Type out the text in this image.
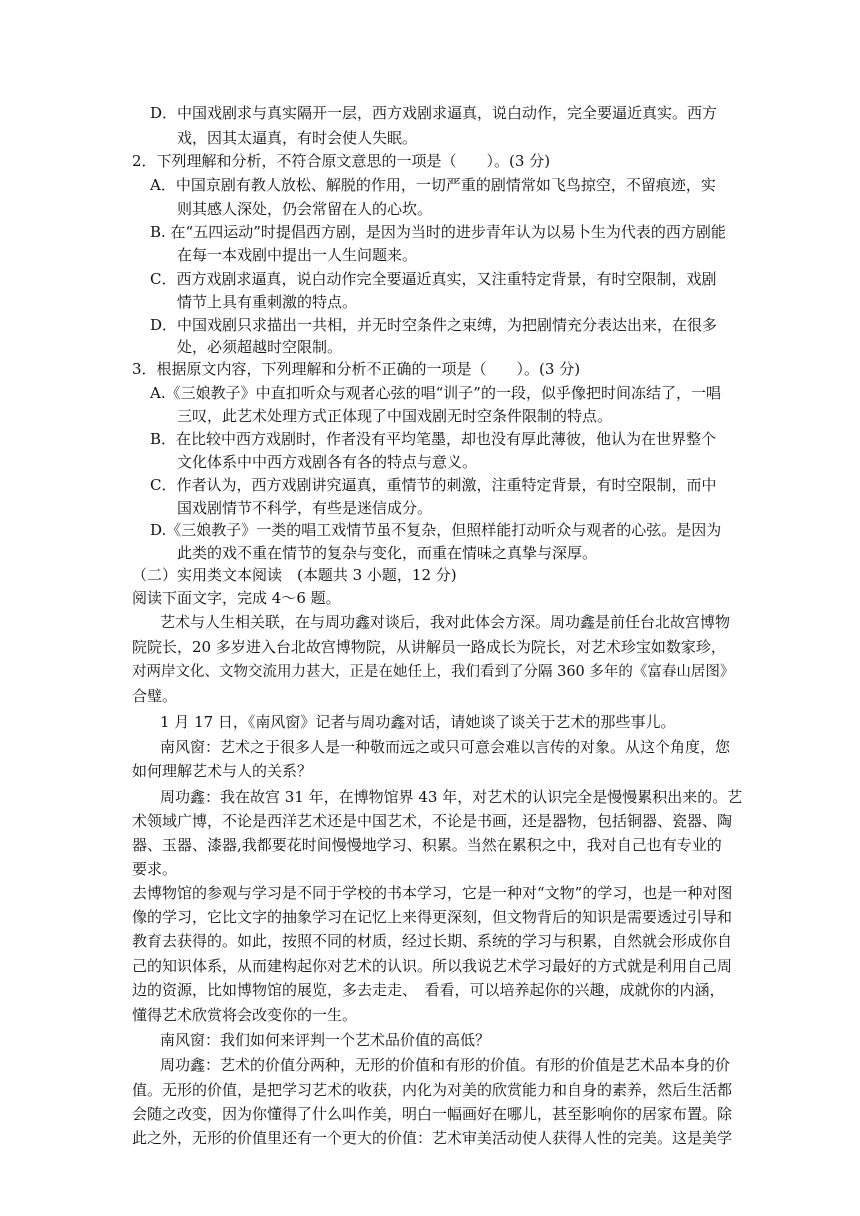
D．中国戏剧求与真实隔开一层，西方戏剧求逼真，说白动作，完全要逼近真实。西方
戏，因其太逼真，有时会使人失眠。
2．下列理解和分析，不符合原文意思的一项是（　　）。(3 分)
A．中国京剧有教人放松、解脱的作用，一切严重的剧情常如飞鸟掠空，不留痕迹，实
则其感人深处，仍会常留在人的心坎。
B. 在“五四运动”时提倡西方剧，是因为当时的进步青年认为以易卜生为代表的西方剧能
在每一本戏剧中提出一人生问题来。
C．西方戏剧求逼真，说白动作完全要逼近真实，又注重特定背景，有时空限制，戏剧
情节上具有重刺激的特点。
D．中国戏剧只求描出一共相，并无时空条件之束缚，为把剧情充分表达出来，在很多
处，必须超越时空限制。
3．根据原文内容，下列理解和分析不正确的一项是（　　）。(3 分)
A.《三娘教子》中直扣听众与观者心弦的唱“训子”的一段，似乎像把时间冻结了，一唱
三叹，此艺术处理方式正体现了中国戏剧无时空条件限制的特点。
B．在比较中西方戏剧时，作者没有平均笔墨，却也没有厚此薄彼，他认为在世界整个
文化体系中中西方戏剧各有各的特点与意义。
C．作者认为，西方戏剧讲究逼真，重情节的刺激，注重特定背景，有时空限制，而中
国戏剧情节不科学，有些是迷信成分。
D.《三娘教子》一类的唱工戏情节虽不复杂，但照样能打动听众与观者的心弦。是因为
此类的戏不重在情节的复杂与变化，而重在情味之真挚与深厚。
（二）实用类文本阅读　(本题共 3 小题，12 分)
阅读下面文字，完成 4～6 题。
艺术与人生相关联，在与周功鑫对谈后，我对此体会方深。周功鑫是前任台北故宫博物
院院长，20 多岁进入台北故宫博物院，从讲解员一路成长为院长，对艺术珍宝如数家珍，
对两岸文化、文物交流用力甚大，正是在她任上，我们看到了分隔 360 多年的《富春山居图》
合璧。
1 月 17 日，《南风窗》记者与周功鑫对话，请她谈了谈关于艺术的那些事儿。
南风窗：艺术之于很多人是一种敬而远之或只可意会难以言传的对象。从这个角度，您
如何理解艺术与人的关系？
周功鑫：我在故宫 31 年，在博物馆界 43 年，对艺术的认识完全是慢慢累积出来的。艺
术领域广博，不论是西洋艺术还是中国艺术，不论是书画，还是器物，包括铜器、瓷器、陶
器、玉器、漆器,我都要花时间慢慢地学习、积累。当然在累积之中，我对自己也有专业的
要求。
去博物馆的参观与学习是不同于学校的书本学习，它是一种对“文物”的学习，也是一种对图
像的学习，它比文字的抽象学习在记忆上来得更深刻，但文物背后的知识是需要透过引导和
教育去获得的。如此，按照不同的材质，经过长期、系统的学习与积累，自然就会形成你自
己的知识体系，从而建构起你对艺术的认识。所以我说艺术学习最好的方式就是利用自己周
边的资源，比如博物馆的展览，多去走走、　看看，可以培养起你的兴趣，成就你的内涵，
懂得艺术欣赏将会改变你的一生。
南风窗：我们如何来评判一个艺术品价值的高低？
周功鑫：艺术的价值分两种，无形的价值和有形的价值。有形的价值是艺术品本身的价
值。无形的价值，是把学习艺术的收获，内化为对美的欣赏能力和自身的素养，然后生活都
会随之改变，因为你懂得了什么叫作美，明白一幅画好在哪儿，甚至影响你的居家布置。除
此之外，无形的价值里还有一个更大的价值：艺术审美活动使人获得人性的完美。这是美学
